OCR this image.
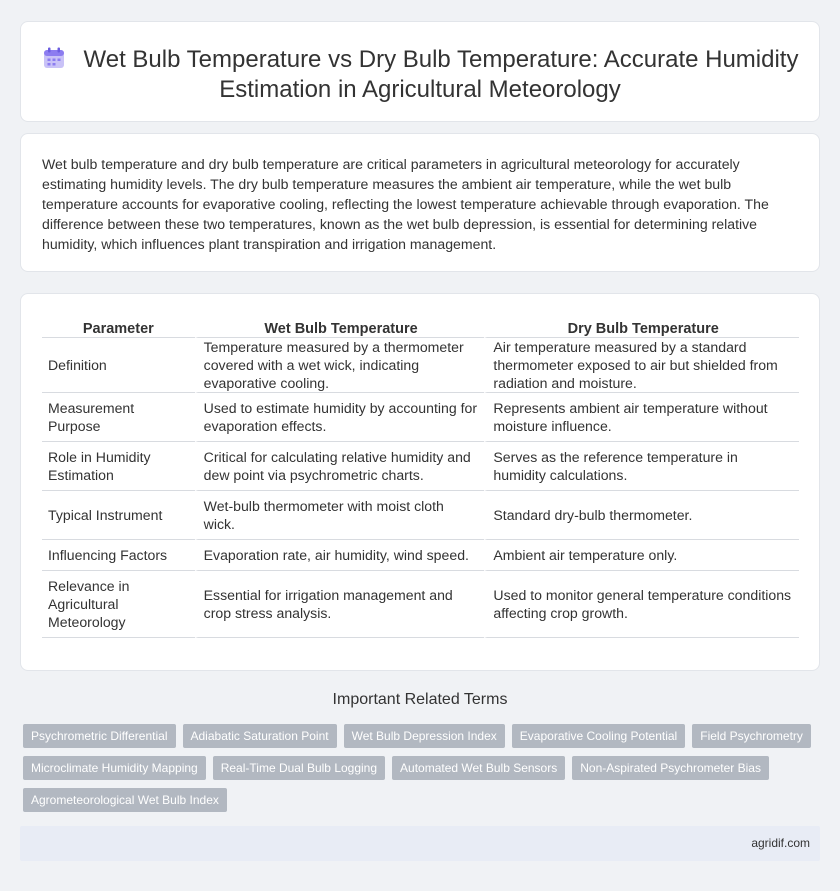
Wet Bulb Temperature vs Dry Bulb Temperature: Accurate Humidity Estimation in Agricultural Meteorology

Wet bulb temperature and dry bulb temperature are critical parameters in agricultural meteorology for accurately estimating humidity levels. The dry bulb temperature measures the ambient air temperature, while the wet bulb temperature accounts for evaporative cooling, reflecting the lowest temperature achievable through evaporation. The difference between these two temperatures, known as the wet bulb depression, is essential for determining relative humidity, which influences plant transpiration and irrigation management.

Parameter	Wet Bulb Temperature	Dry Bulb Temperature
Definition	Temperature measured by a thermometer covered with a wet wick, indicating evaporative cooling.	Air temperature measured by a standard thermometer exposed to air but shielded from radiation and moisture.
Measurement Purpose	Used to estimate humidity by accounting for evaporation effects.	Represents ambient air temperature without moisture influence.
Role in Humidity Estimation	Critical for calculating relative humidity and dew point via psychrometric charts.	Serves as the reference temperature in humidity calculations.
Typical Instrument	Wet-bulb thermometer with moist cloth wick.	Standard dry-bulb thermometer.
Influencing Factors	Evaporation rate, air humidity, wind speed.	Ambient air temperature only.
Relevance in Agricultural Meteorology	Essential for irrigation management and crop stress analysis.	Used to monitor general temperature conditions affecting crop growth.
Important Related Terms
Psychrometric Differential	Adiabatic Saturation Point	Wet Bulb Depression Index	Evaporative Cooling Potential	Field Psychrometry
Microclimate Humidity Mapping	Real-Time Dual Bulb Logging	Automated Wet Bulb Sensors	Non-Aspirated Psychrometer Bias
Agrometeorological Wet Bulb Index
agridif.com
